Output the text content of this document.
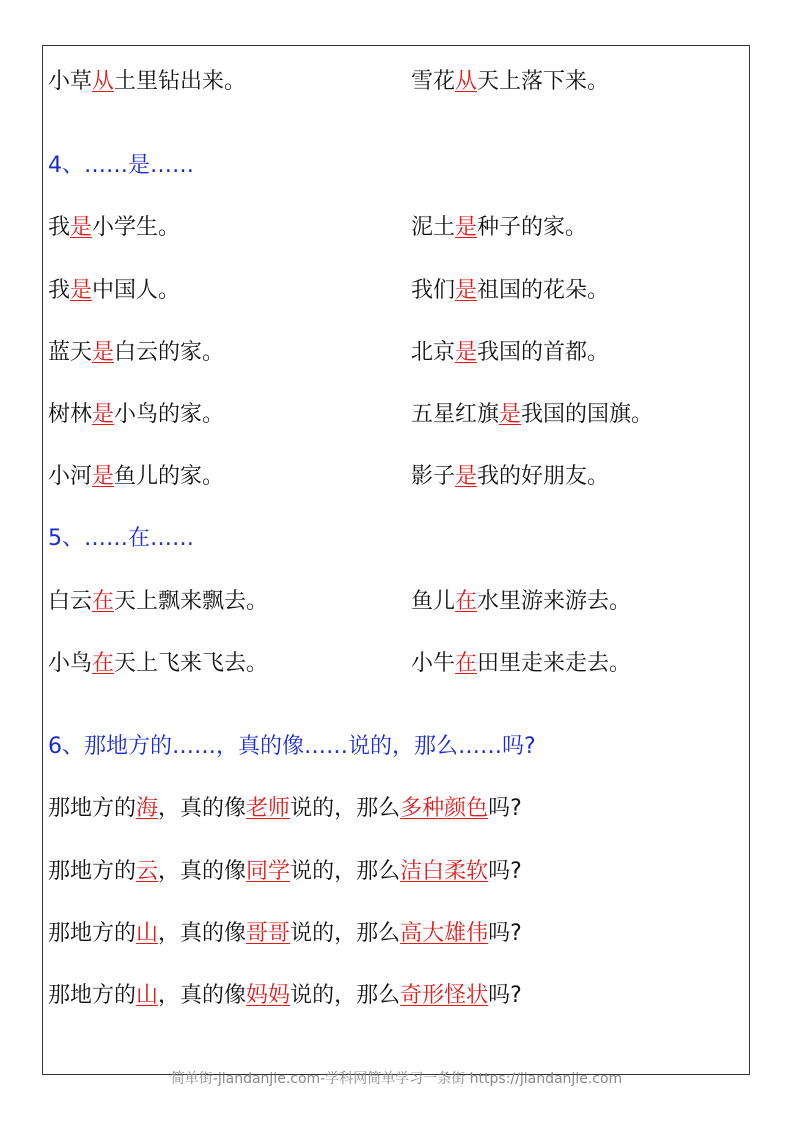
小草从土里钻出来。	雪花从天上落下来。
4、……是……
我是小学生。	泥土是种子的家。
我是中国人。	我们是祖国的花朵。
蓝天是白云的家。	北京是我国的首都。
树林是小鸟的家。	五星红旗是我国的国旗。
小河是鱼儿的家。	影子是我的好朋友。
5、……在……
白云在天上飘来飘去。	鱼儿在水里游来游去。
小鸟在天上飞来飞去。	小牛在田里走来走去。
6、那地方的……，真的像……说的，那么……吗?
那地方的海，真的像老师说的，那么多种颜色吗?
那地方的云，真的像同学说的，那么洁白柔软吗?
那地方的山，真的像哥哥说的，那么高大雄伟吗?
那地方的山，真的像妈妈说的，那么奇形怪状吗?
简单街-jiandanjie.com-学科网简单学习一条街 https://jiandanjie.com
